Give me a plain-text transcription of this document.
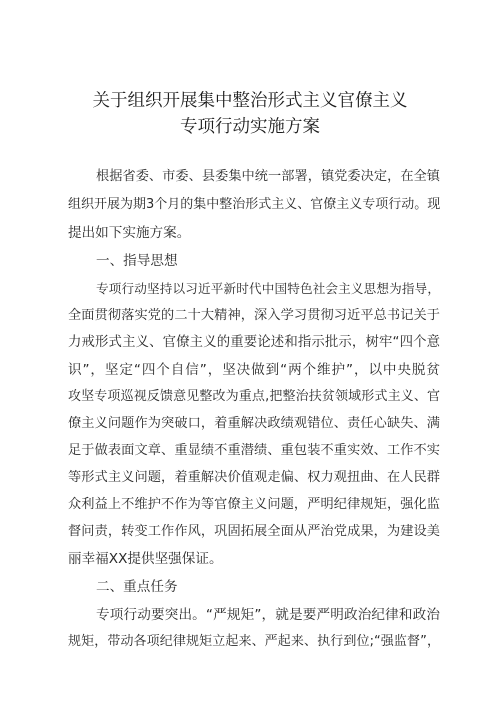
关于组织开展集中整治形式主义官僚主义
专项行动实施方案
根据省委、市委、县委集中统一部署，镇党委决定，在全镇
组织开展为期3个月的集中整治形式主义、官僚主义专项行动。现
提出如下实施方案。
一、指导思想
专项行动坚持以习近平新时代中国特色社会主义思想为指导，
全面贯彻落实党的二十大精神，深入学习贯彻习近平总书记关于
力戒形式主义、官僚主义的重要论述和指示批示，树牢“四个意
识”，坚定“四个自信”，坚决做到“两个维护”，以中央脱贫
攻坚专项巡视反馈意见整改为重点,把整治扶贫领域形式主义、官
僚主义问题作为突破口，着重解决政绩观错位、责任心缺失、满
足于做表面文章、重显绩不重潜绩、重包装不重实效、工作不实
等形式主义问题，着重解决价值观走偏、权力观扭曲、在人民群
众利益上不维护不作为等官僚主义问题，严明纪律规矩，强化监
督问责，转变工作作风，巩固拓展全面从严治党成果，为建设美
丽幸福XX提供坚强保证。
二、重点任务
专项行动要突出。“严规矩”，就是要严明政治纪律和政治
规矩，带动各项纪律规矩立起来、严起来、执行到位;“强监督”，
